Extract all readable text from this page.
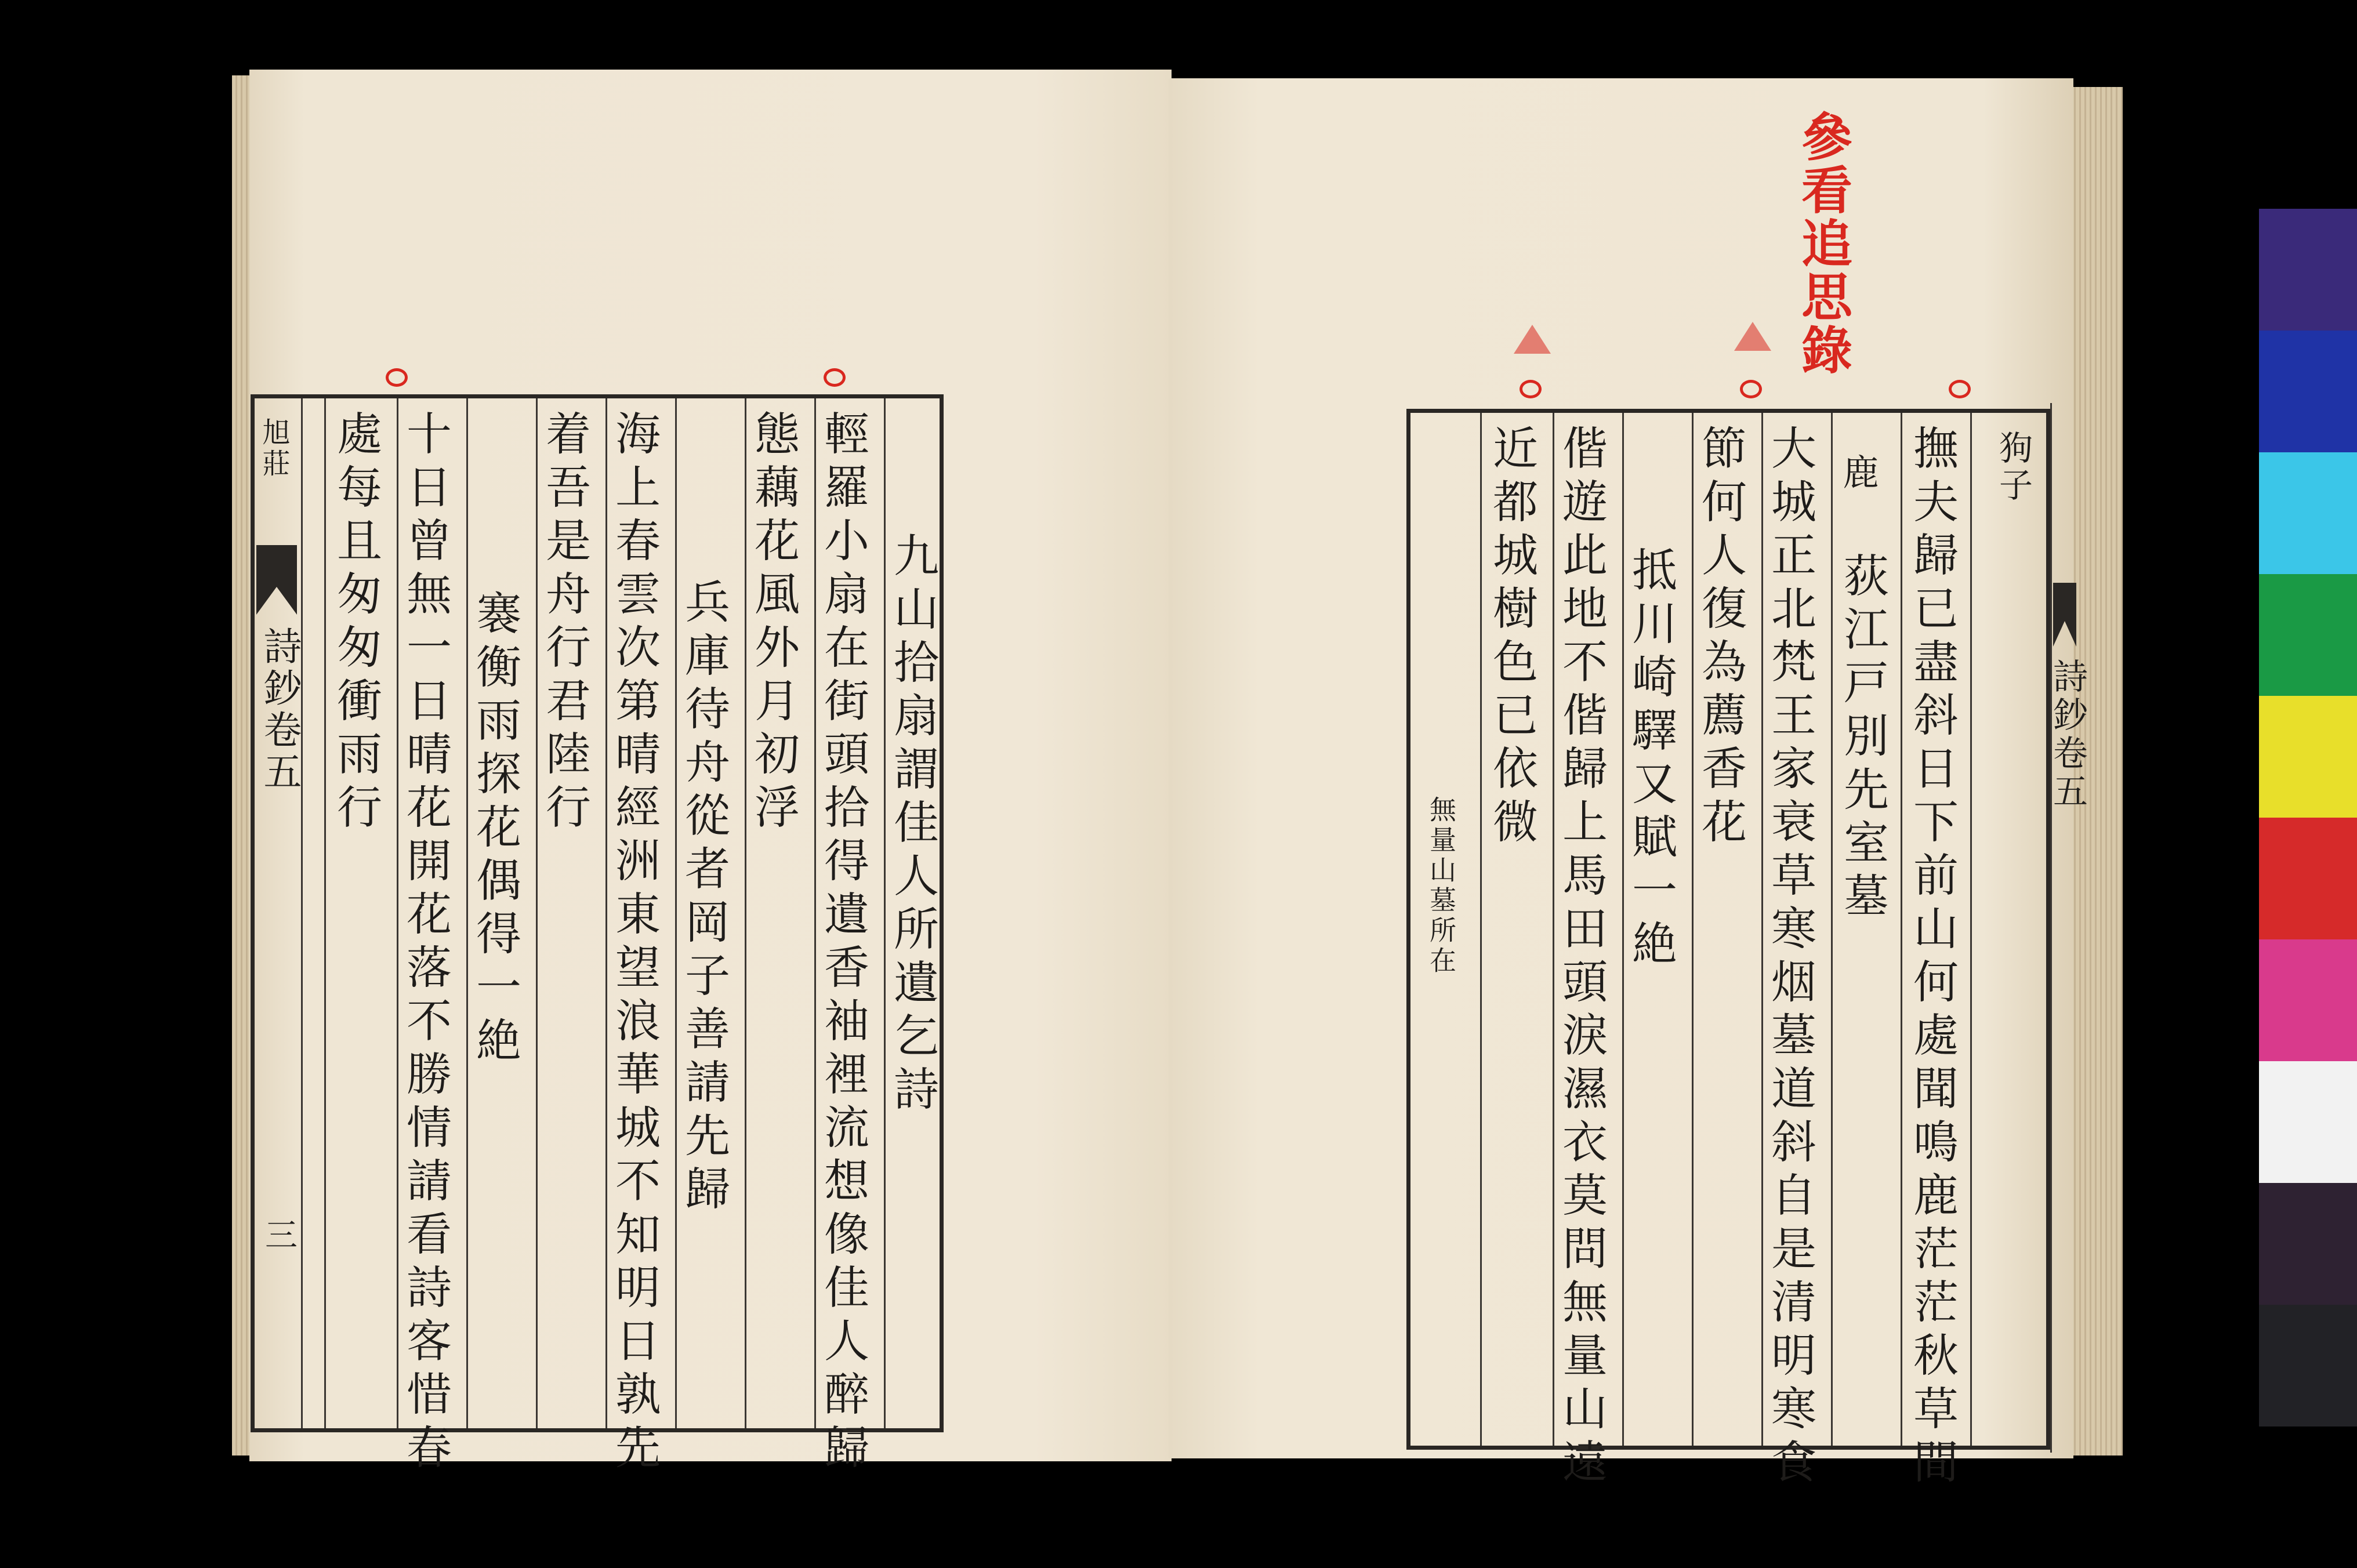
旭莊
詩鈔卷五
三
九山拾扇謂佳人所遺乞詩
輕羅小扇在街頭拾得遺香袖裡流想像佳人醉歸
態藕花風外月初浮
兵庫待舟從者岡子善請先歸
海上春雲次第晴經洲東望浪華城不知明日孰先
着吾是舟行君陸行
褰衡雨探花偶得一絶
十日曾無一日晴花開花落不勝情請看詩客惜春
處每且匆匆衝雨行
參看追思錄
詩鈔卷五
狗子
撫夫歸已盡斜日下前山何處聞鳴鹿茫茫秋草間
鹿
荻江戸別先室墓
大城正北梵王家衰草寒烟墓道斜自是清明寒食
節何人復為薦香花
抵川崎驛又賦一絶
偕遊此地不偕歸上馬田頭淚濕衣莫問無量山遠
近都城樹色已依微
無量山墓所在
